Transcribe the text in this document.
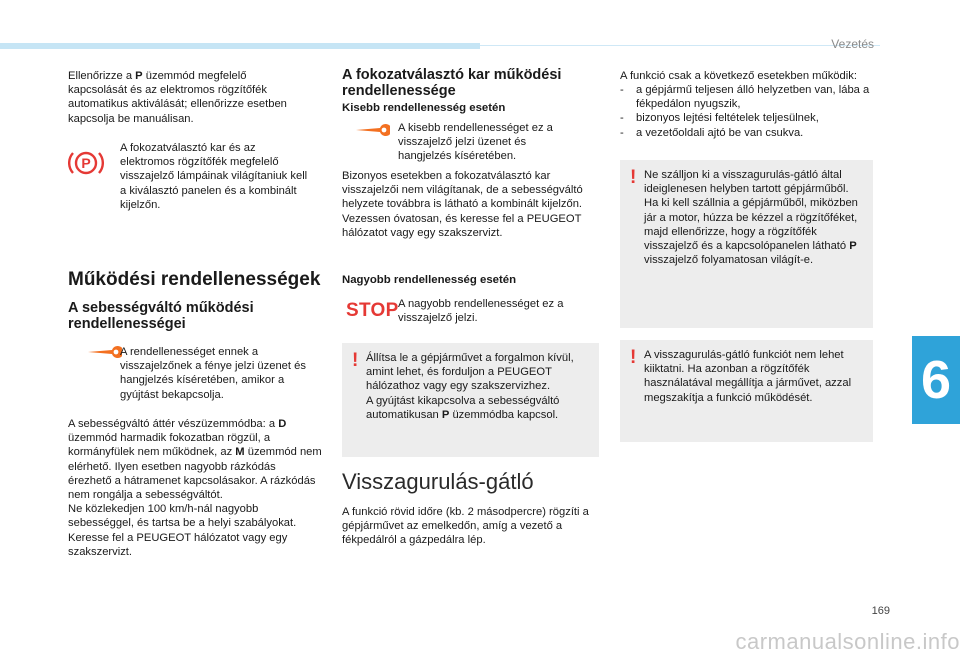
Vezetés
6
169
carmanualsonline.info

Ellenőrizze a P üzemmód megfelelő kapcsolását és az elektromos rögzítőfék automatikus aktiválását; ellenőrizze esetben kapcsolja be manuálisan.

P

A fokozatválasztó kar és az elektromos rögzítőfék megfelelő visszajelző lámpáinak világítaniuk kell a kiválasztó panelen és a kombinált kijelzőn.

Működési rendellenességek
A sebességváltó működési rendellenességei

A rendellenességet ennek a visszajelzőnek a fénye jelzi üzenet és hangjelzés kíséretében, amikor a gyújtást bekapcsolja.

A sebességváltó áttér vészüzemmódba: a D üzemmód harmadik fokozatban rögzül, a kormányfülek nem működnek, az M üzemmód nem elérhető. Ilyen esetben nagyobb rázkódás érezhető a hátramenet kapcsolásakor. A rázkódás nem rongálja a sebességváltót.
Ne közlekedjen 100 km/h-nál nagyobb sebességgel, és tartsa be a helyi szabályokat.
Keresse fel a PEUGEOT hálózatot vagy egy szakszervizt.

A fokozatválasztó kar működési rendellenessége
Kisebb rendellenesség esetén

A kisebb rendellenességet ez a visszajelző jelzi üzenet és hangjelzés kíséretében.

Bizonyos esetekben a fokozatválasztó kar visszajelzői nem világítanak, de a sebességváltó helyzete továbbra is látható a kombinált kijelzőn.
Vezessen óvatosan, és keresse fel a PEUGEOT hálózatot vagy egy szakszervizt.

Nagyobb rendellenesség esetén
STOP A nagyobb rendellenességet ez a visszajelző jelzi.

! Állítsa le a gépjárművet a forgalmon kívül, amint lehet, és forduljon a PEUGEOT hálózathoz vagy egy szakszervizhez.
A gyújtást kikapcsolva a sebességváltó automatikusan P üzemmódba kapcsol.

Visszagurulás-gátló

A funkció rövid időre (kb. 2 másodpercre) rögzíti a gépjárművet az emelkedőn, amíg a vezető a fékpedálról a gázpedálra lép.

A funkció csak a következő esetekben működik:

- a gépjármű teljesen álló helyzetben van, lába a fékpedálon nyugszik,
- bizonyos lejtési feltételek teljesülnek,
- a vezetőoldali ajtó be van csukva.
! Ne szálljon ki a visszagurulás-gátló által ideiglenesen helyben tartott gépjárműből.
Ha ki kell szállnia a gépjárműből, miközben jár a motor, húzza be kézzel a rögzítőféket, majd ellenőrizze, hogy a rögzítőfék visszajelző és a kapcsolópanelen látható P visszajelző folyamatosan világít-e.

! A visszagurulás-gátló funkciót nem lehet kiiktatni. Ha azonban a rögzítőfék használatával megállítja a járművet, azzal megszakítja a funkció működését.
